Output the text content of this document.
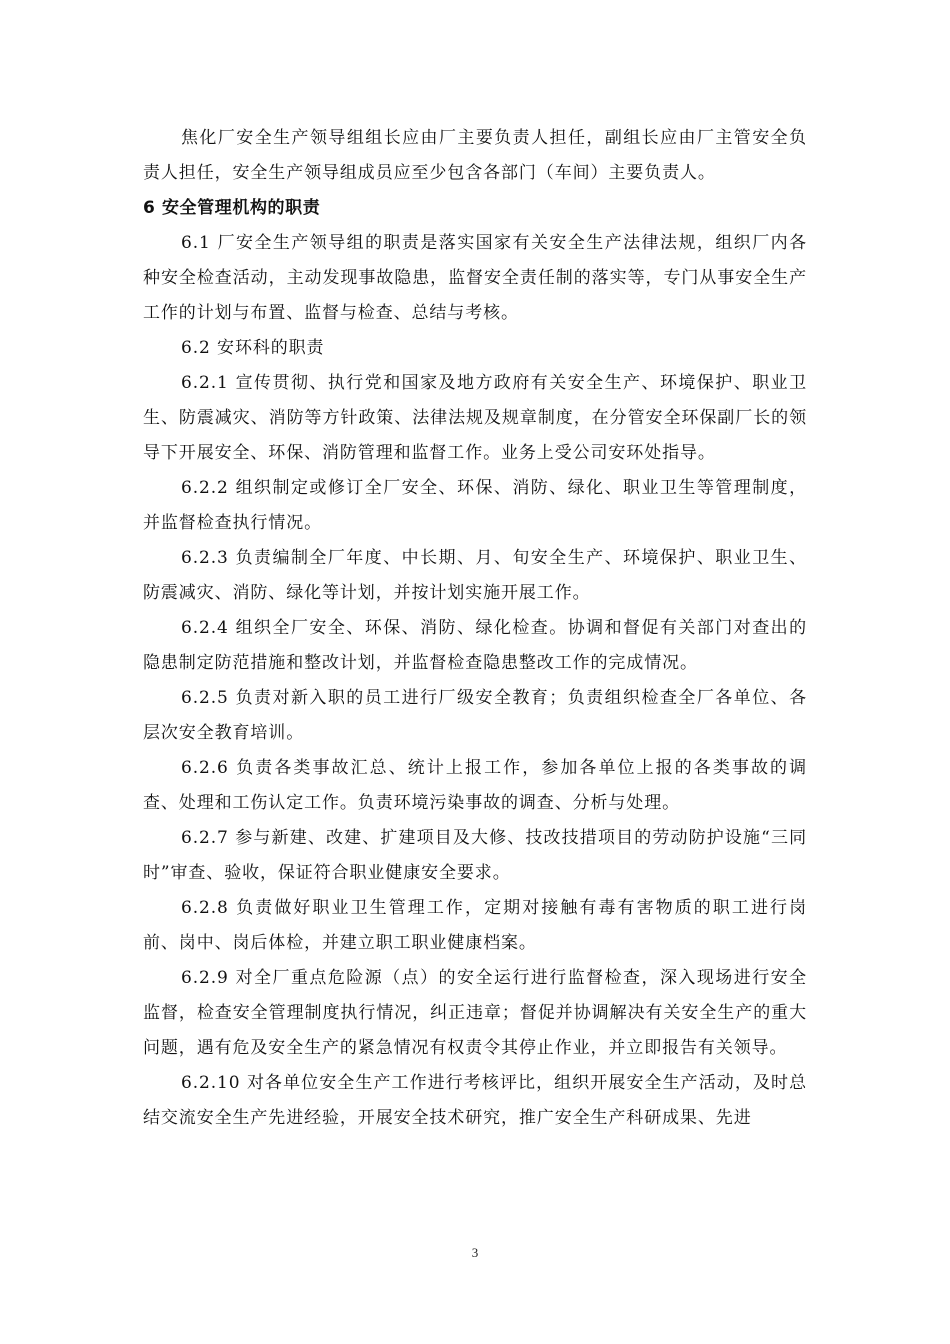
焦化厂安全生产领导组组长应由厂主要负责人担任，副组长应由厂主管安全负责人担任，安全生产领导组成员应至少包含各部门（车间）主要负责人。

6 安全管理机构的职责

6.1 厂安全生产领导组的职责是落实国家有关安全生产法律法规，组织厂内各种安全检查活动，主动发现事故隐患，监督安全责任制的落实等，专门从事安全生产工作的计划与布置、监督与检查、总结与考核。

6.2 安环科的职责

6.2.1 宣传贯彻、执行党和国家及地方政府有关安全生产、环境保护、职业卫生、防震减灾、消防等方针政策、法律法规及规章制度，在分管安全环保副厂长的领导下开展安全、环保、消防管理和监督工作。业务上受公司安环处指导。

6.2.2 组织制定或修订全厂安全、环保、消防、绿化、职业卫生等管理制度，并监督检查执行情况。

6.2.3 负责编制全厂年度、中长期、月、旬安全生产、环境保护、职业卫生、防震减灾、消防、绿化等计划，并按计划实施开展工作。

6.2.4 组织全厂安全、环保、消防、绿化检查。协调和督促有关部门对查出的隐患制定防范措施和整改计划，并监督检查隐患整改工作的完成情况。

6.2.5 负责对新入职的员工进行厂级安全教育；负责组织检查全厂各单位、各层次安全教育培训。

6.2.6 负责各类事故汇总、统计上报工作，参加各单位上报的各类事故的调查、处理和工伤认定工作。负责环境污染事故的调查、分析与处理。

6.2.7 参与新建、改建、扩建项目及大修、技改技措项目的劳动防护设施“三同时”审查、验收，保证符合职业健康安全要求。

6.2.8 负责做好职业卫生管理工作，定期对接触有毒有害物质的职工进行岗前、岗中、岗后体检，并建立职工职业健康档案。

6.2.9 对全厂重点危险源（点）的安全运行进行监督检查，深入现场进行安全监督，检查安全管理制度执行情况，纠正违章；督促并协调解决有关安全生产的重大问题，遇有危及安全生产的紧急情况有权责令其停止作业，并立即报告有关领导。

6.2.10 对各单位安全生产工作进行考核评比，组织开展安全生产活动，及时总结交流安全生产先进经验，开展安全技术研究，推广安全生产科研成果、先进

3
